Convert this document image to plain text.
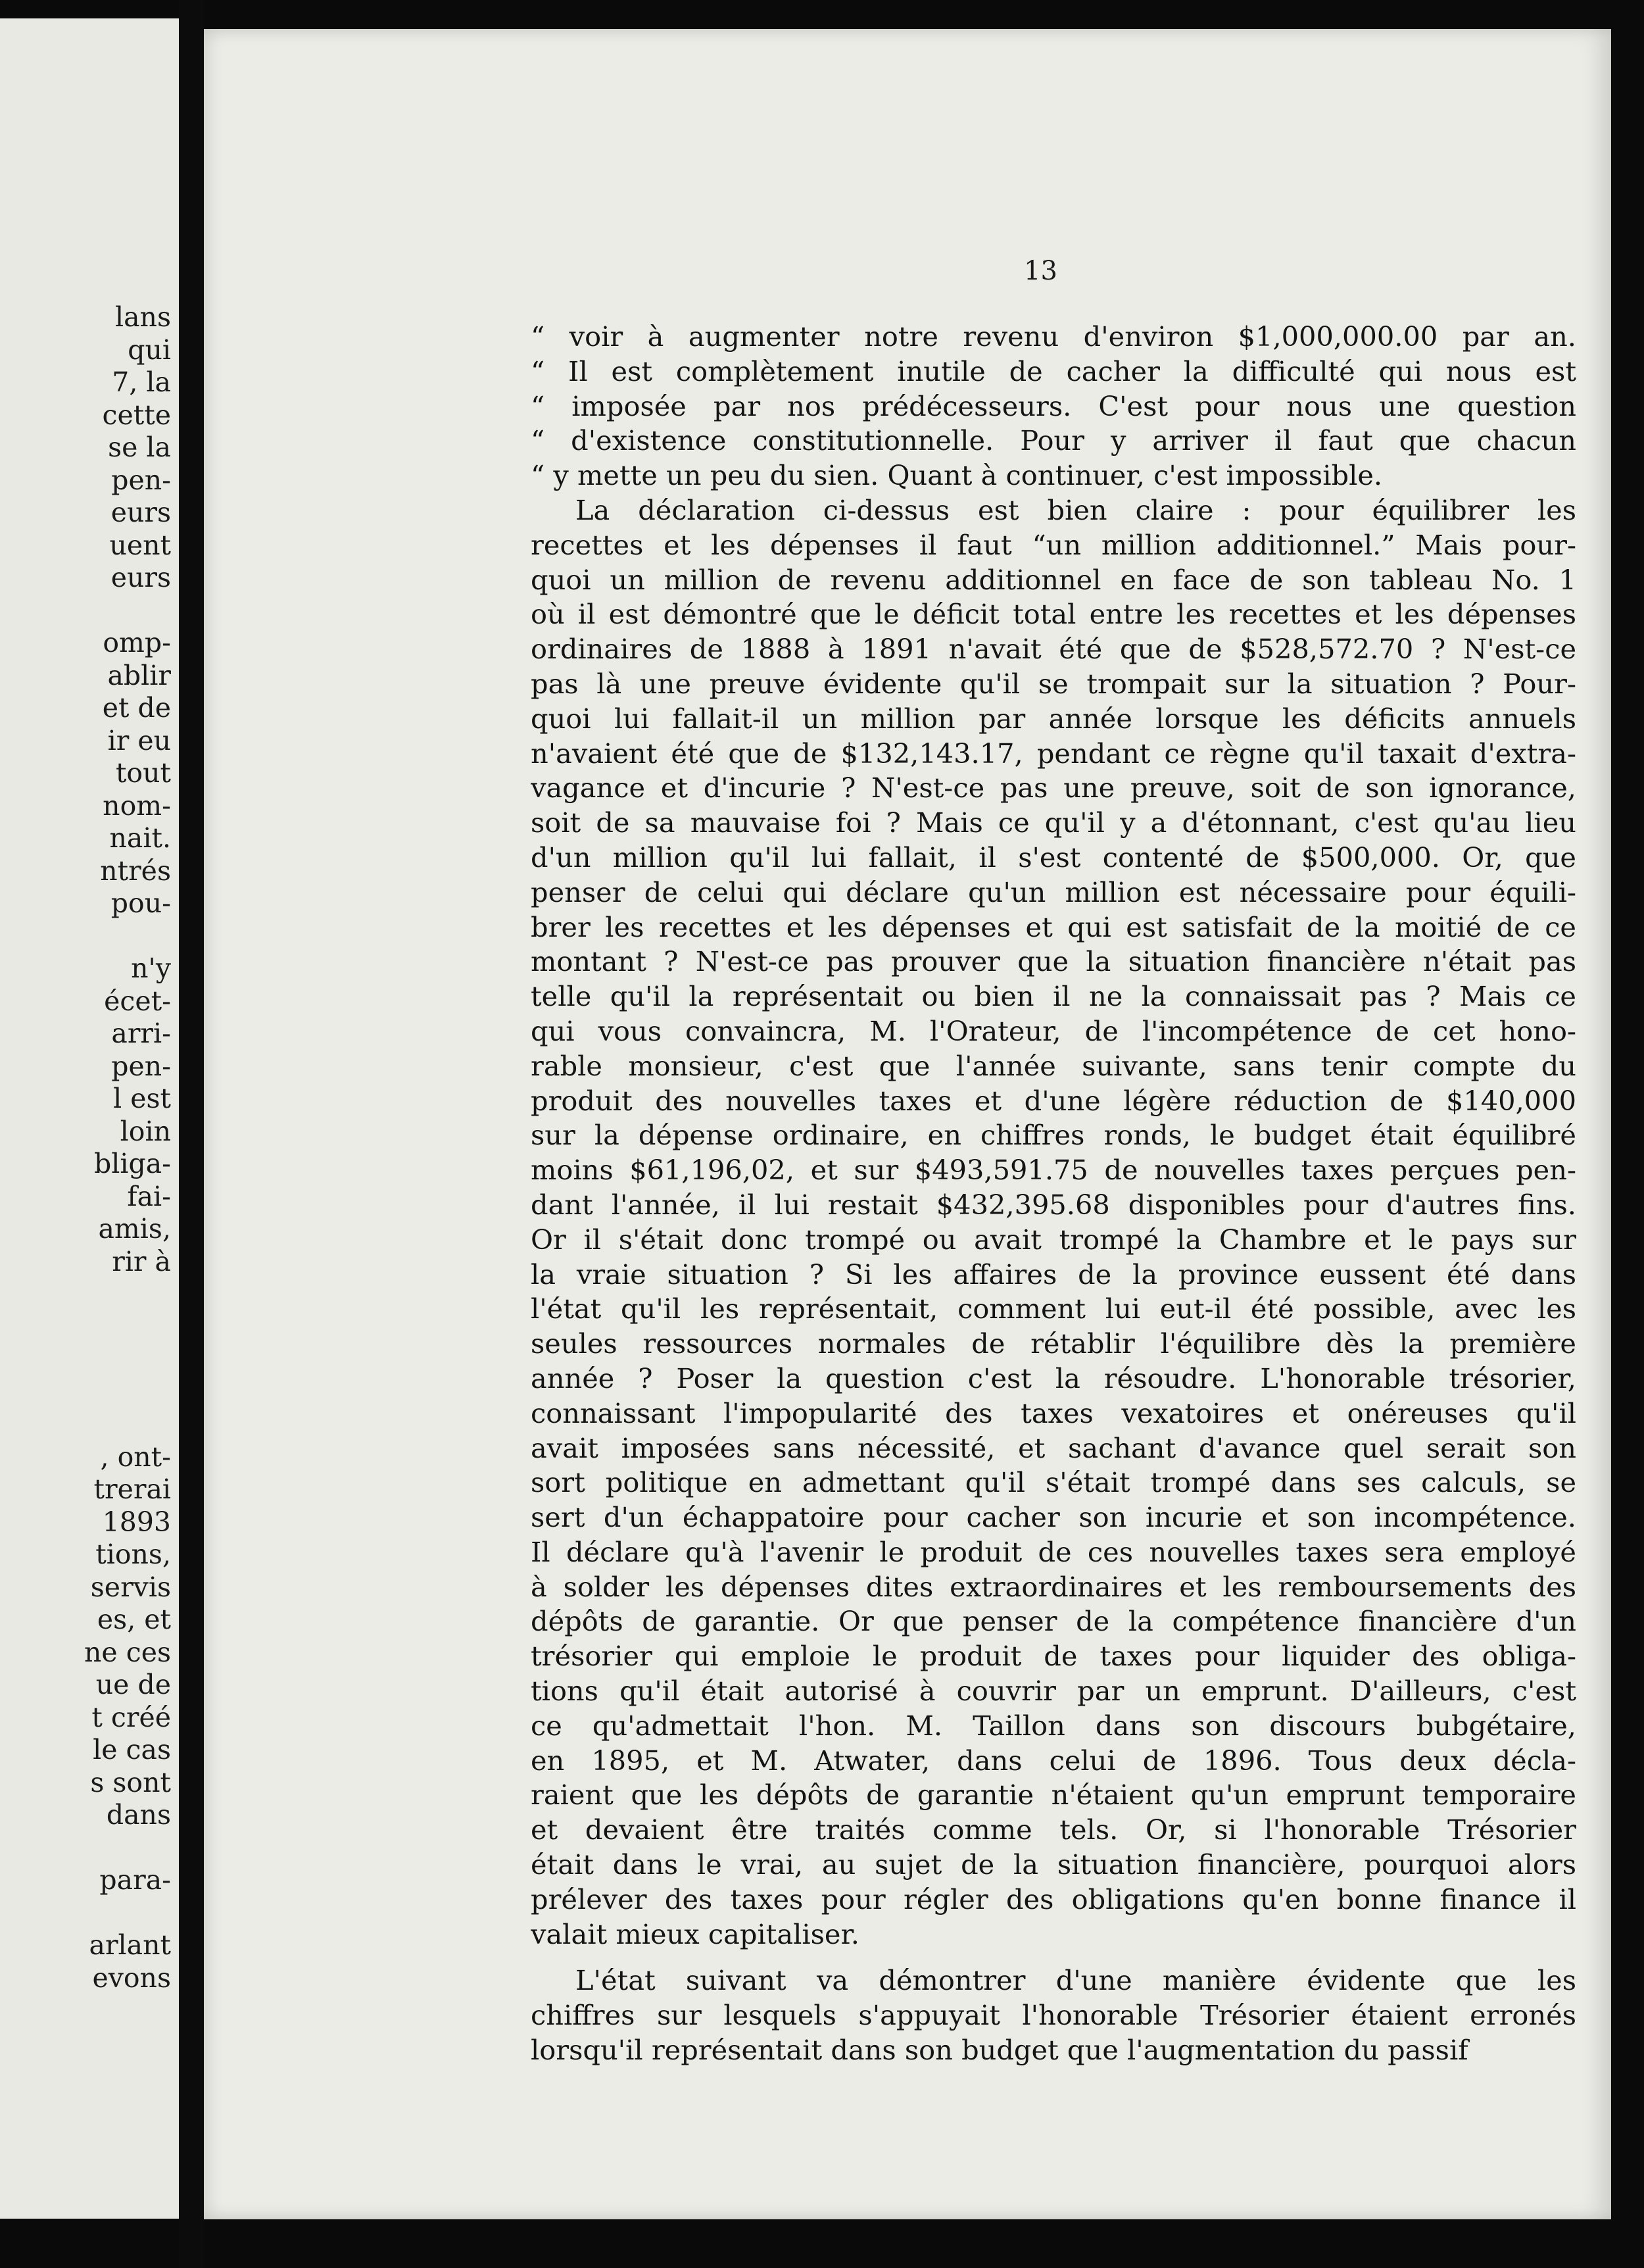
lans
qui
7, la
cette
se la
pen-
eurs
uent
eurs
omp-
ablir
et de
ir eu
tout
nom-
nait.
ntrés
pou-
n'y
écet-
arri-
pen-
l est
loin
bliga-
fai-
amis,
rir à
, ont-
trerai
1893
tions,
servis
es, et
ne ces
ue de
t créé
le cas
s sont
dans
para-
arlant
evons
13
“ voir à augmenter notre revenu d'environ $1,000,000.00 par an.
“ Il est complètement inutile de cacher la difficulté qui nous est
“ imposée par nos prédécesseurs. C'est pour nous une question
“ d'existence constitutionnelle. Pour y arriver il faut que chacun
“ y mette un peu du sien. Quant à continuer, c'est impossible.
La déclaration ci-dessus est bien claire : pour équilibrer les
recettes et les dépenses il faut “un million additionnel.” Mais pour-
quoi un million de revenu additionnel en face de son tableau No. 1
où il est démontré que le déficit total entre les recettes et les dépenses
ordinaires de 1888 à 1891 n'avait été que de $528,572.70 ? N'est-ce
pas là une preuve évidente qu'il se trompait sur la situation ? Pour-
quoi lui fallait-il un million par année lorsque les déficits annuels
n'avaient été que de $132,143.17, pendant ce règne qu'il taxait d'extra-
vagance et d'incurie ? N'est-ce pas une preuve, soit de son ignorance,
soit de sa mauvaise foi ? Mais ce qu'il y a d'étonnant, c'est qu'au lieu
d'un million qu'il lui fallait, il s'est contenté de $500,000. Or, que
penser de celui qui déclare qu'un million est nécessaire pour équili-
brer les recettes et les dépenses et qui est satisfait de la moitié de ce
montant ? N'est-ce pas prouver que la situation financière n'était pas
telle qu'il la représentait ou bien il ne la connaissait pas ? Mais ce
qui vous convaincra, M. l'Orateur, de l'incompétence de cet hono-
rable monsieur, c'est que l'année suivante, sans tenir compte du
produit des nouvelles taxes et d'une légère réduction de $140,000
sur la dépense ordinaire, en chiffres ronds, le budget était équilibré
moins $61,196,02, et sur $493,591.75 de nouvelles taxes perçues pen-
dant l'année, il lui restait $432,395.68 disponibles pour d'autres fins.
Or il s'était donc trompé ou avait trompé la Chambre et le pays sur
la vraie situation ? Si les affaires de la province eussent été dans
l'état qu'il les représentait, comment lui eut-il été possible, avec les
seules ressources normales de rétablir l'équilibre dès la première
année ? Poser la question c'est la résoudre. L'honorable trésorier,
connaissant l'impopularité des taxes vexatoires et onéreuses qu'il
avait imposées sans nécessité, et sachant d'avance quel serait son
sort politique en admettant qu'il s'était trompé dans ses calculs, se
sert d'un échappatoire pour cacher son incurie et son incompétence.
Il déclare qu'à l'avenir le produit de ces nouvelles taxes sera employé
à solder les dépenses dites extraordinaires et les remboursements des
dépôts de garantie. Or que penser de la compétence financière d'un
trésorier qui emploie le produit de taxes pour liquider des obliga-
tions qu'il était autorisé à couvrir par un emprunt. D'ailleurs, c'est
ce qu'admettait l'hon. M. Taillon dans son discours bubgétaire,
en 1895, et M. Atwater, dans celui de 1896. Tous deux décla-
raient que les dépôts de garantie n'étaient qu'un emprunt temporaire
et devaient être traités comme tels. Or, si l'honorable Trésorier
était dans le vrai, au sujet de la situation financière, pourquoi alors
prélever des taxes pour régler des obligations qu'en bonne finance il
valait mieux capitaliser.
L'état suivant va démontrer d'une manière évidente que les
chiffres sur lesquels s'appuyait l'honorable Trésorier étaient erronés
lorsqu'il représentait dans son budget que l'augmentation du passif
